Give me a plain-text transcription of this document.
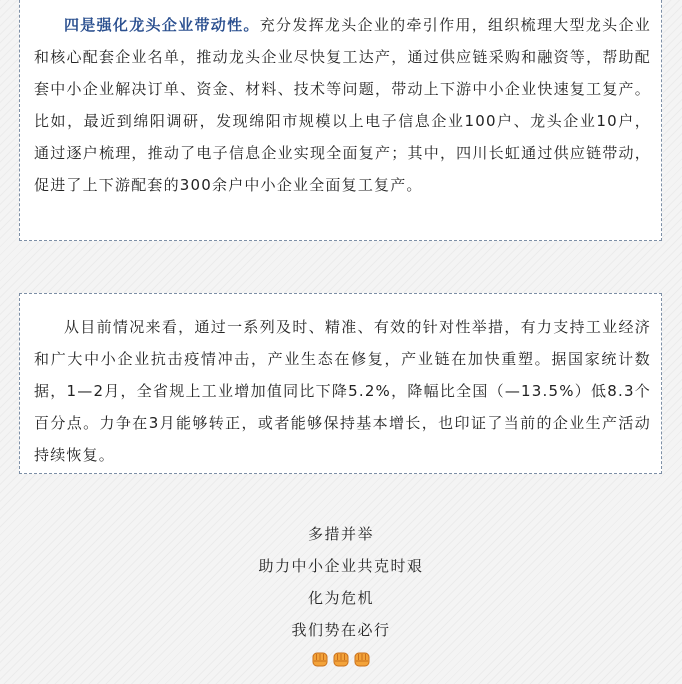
四是强化龙头企业带动性。充分发挥龙头企业的牵引作用，组织梳理大型龙头企业和核心配套企业名单，推动龙头企业尽快复工达产，通过供应链采购和融资等，帮助配套中小企业解决订单、资金、材料、技术等问题，带动上下游中小企业快速复工复产。比如，最近到绵阳调研，发现绵阳市规模以上电子信息企业100户、龙头企业10户，通过逐户梳理，推动了电子信息企业实现全面复产；其中，四川长虹通过供应链带动，促进了上下游配套的300余户中小企业全面复工复产。

从目前情况来看，通过一系列及时、精准、有效的针对性举措，有力支持工业经济和广大中小企业抗击疫情冲击，产业生态在修复，产业链在加快重塑。据国家统计数据，1—2月，全省规上工业增加值同比下降5.2%，降幅比全国（—13.5%）低8.3个百分点。力争在3月能够转正，或者能够保持基本增长，也印证了当前的企业生产活动持续恢复。

多措并举
助力中小企业共克时艰
化为危机
我们势在必行
